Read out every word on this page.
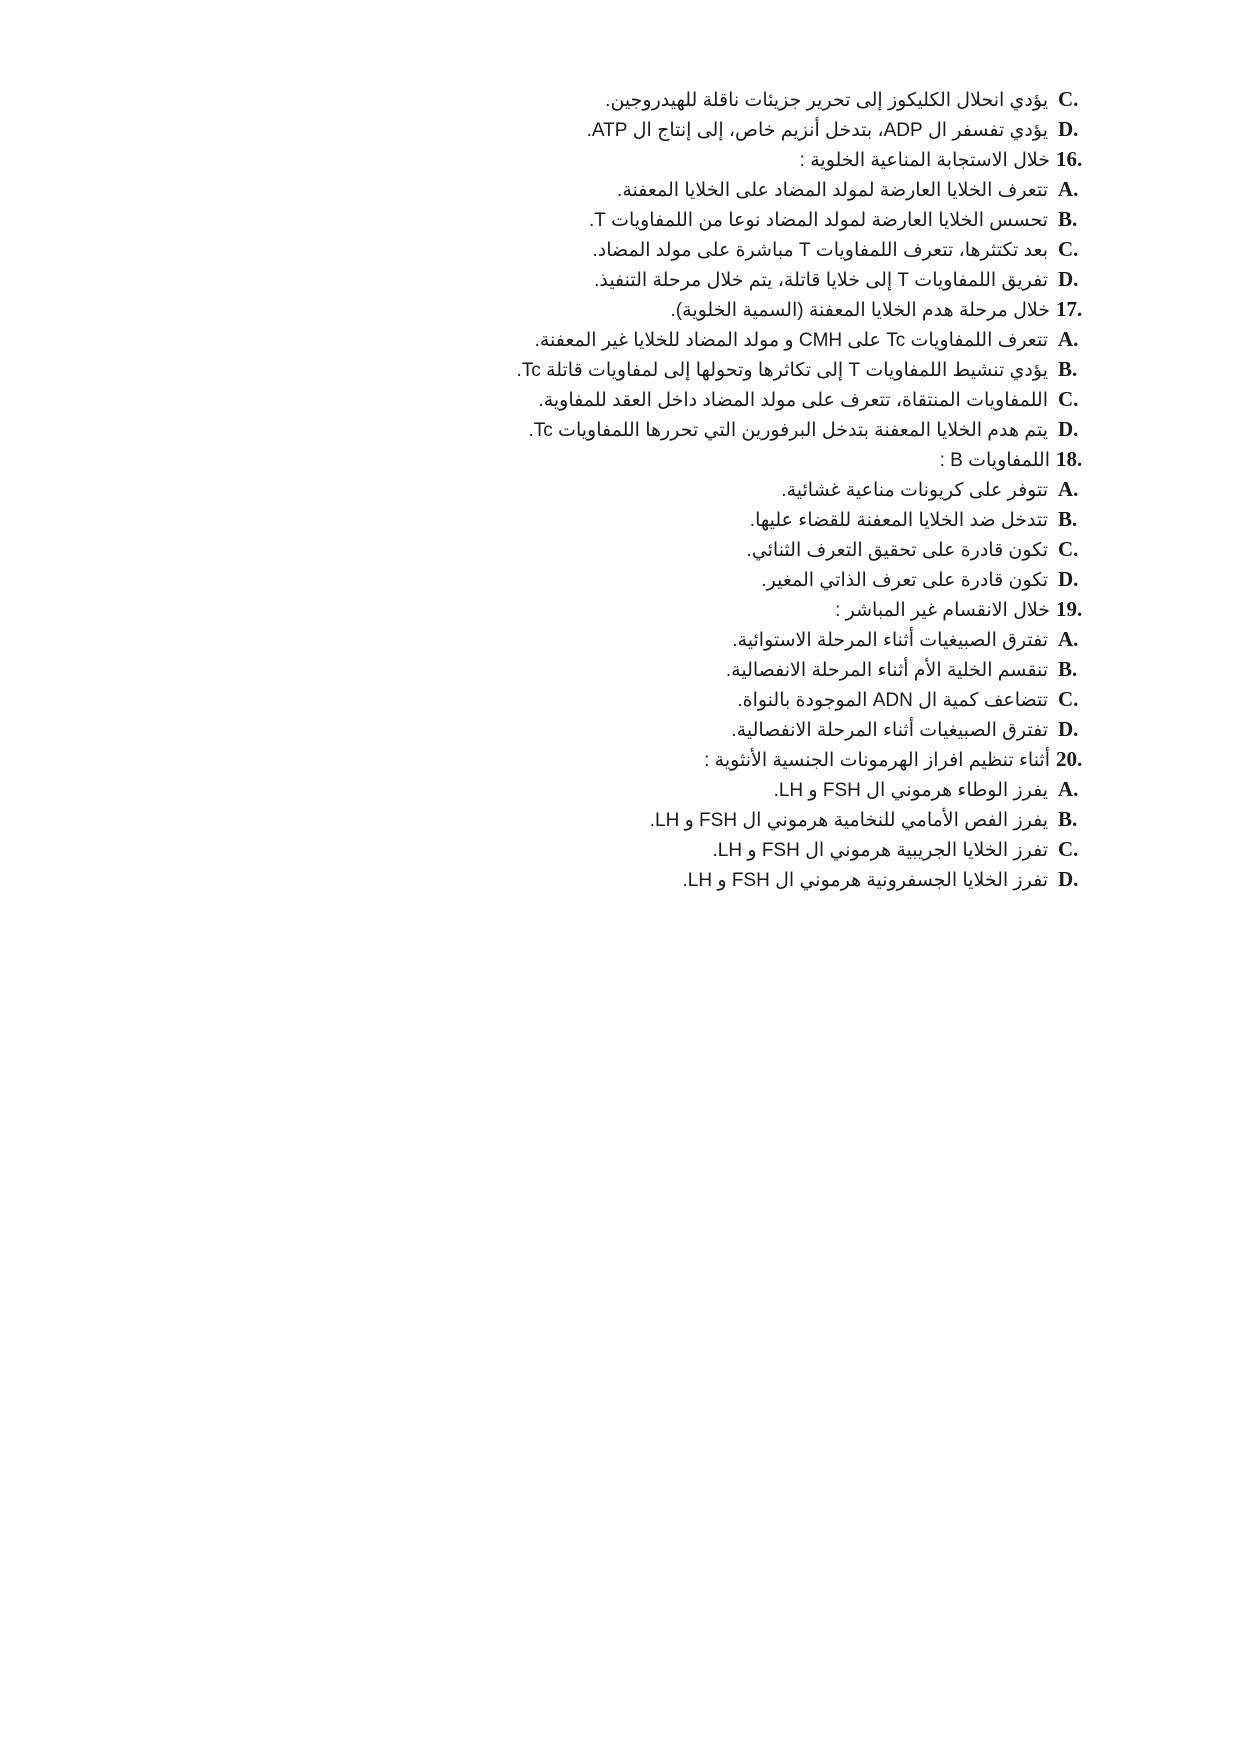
C.
يؤدي انحلال الكليكوز إلى تحرير جزيئات ناقلة للهيدروجين.
D.
يؤدي تفسفر ال ADP، بتدخل أنزيم خاص، إلى إنتاج ال ATP.
16.
خلال الاستجابة المناعية الخلوية :
A.
تتعرف الخلايا العارضة لمولد المضاد على الخلايا المعفنة.
B.
تحسس الخلايا العارضة لمولد المضاد نوعا من اللمفاويات T.
C.
بعد تكتثرها، تتعرف اللمفاويات T مباشرة على مولد المضاد.
D.
تفريق اللمفاويات T إلى خلايا قاتلة، يتم خلال مرحلة التنفيذ.
17.
خلال مرحلة هدم الخلايا المعفنة (السمية الخلوية).
A.
تتعرف اللمفاويات Tc على CMH و مولد المضاد للخلايا غير المعفنة.
B.
يؤدي تنشيط اللمفاويات T إلى تكاثرها وتحولها إلى لمفاويات قاتلة Tc.
C.
اللمفاويات المنتقاة، تتعرف على مولد المضاد داخل العقد للمفاوية.
D.
يتم هدم الخلايا المعفنة بتدخل البرفورين التي تحررها اللمفاويات Tc.
18.
اللمفاويات B :
A.
تتوفر على كريونات مناعية غشائية.
B.
تتدخل ضد الخلايا المعفنة للقضاء عليها.
C.
تكون قادرة على تحقيق التعرف الثنائي.
D.
تكون قادرة على تعرف الذاتي المغير.
19.
خلال الانقسام غير المباشر :
A.
تفترق الصبيغيات أثناء المرحلة الاستوائية.
B.
تنقسم الخلية الأم أثناء المرحلة الانفصالية.
C.
تتضاعف كمية ال ADN الموجودة بالنواة.
D.
تفترق الصبيغيات أثناء المرحلة الانفصالية.
20.
أثناء تنظيم افراز الهرمونات الجنسية الأنثوية :
A.
يفرز الوطاء هرموني ال FSH و LH.
B.
يفرز الفص الأمامي للنخامية هرموني ال FSH و LH.
C.
تفرز الخلايا الجريبية هرموني ال FSH و LH.
D.
تفرز الخلايا الجسفرونية هرموني ال FSH و LH.
